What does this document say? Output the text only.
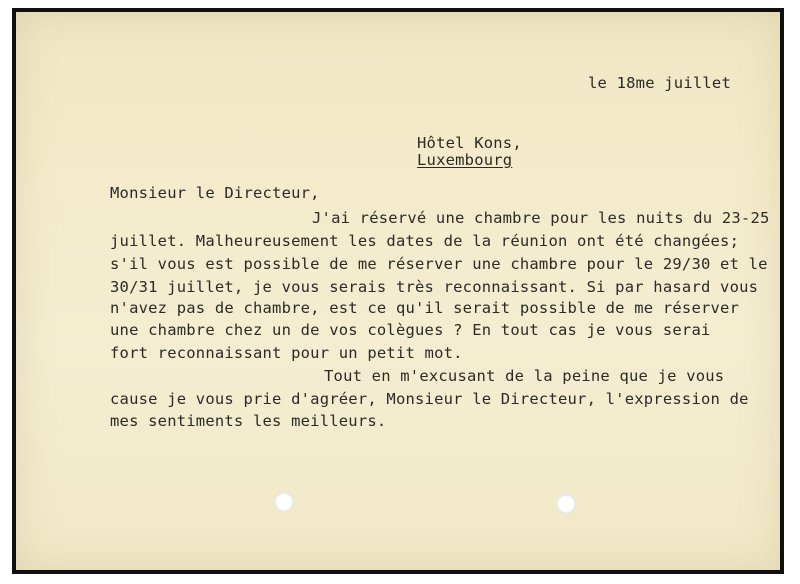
le 18me juillet
Hôtel Kons,
Luxembourg
Monsieur le Directeur,
J'ai réservé une chambre pour les nuits du 23-25
juillet. Malheureusement les dates de la réunion ont été changées;
s'il vous est possible de me réserver une chambre pour le 29/30 et le
30/31 juillet, je vous serais très reconnaissant. Si par hasard vous
n'avez pas de chambre, est ce qu'il serait possible de me réserver
une chambre chez un de vos colègues ? En tout cas je vous serai
fort reconnaissant pour un petit mot.
Tout en m'excusant de la peine que je vous
cause je vous prie d'agréer, Monsieur le Directeur, l'expression de
mes sentiments les meilleurs.
